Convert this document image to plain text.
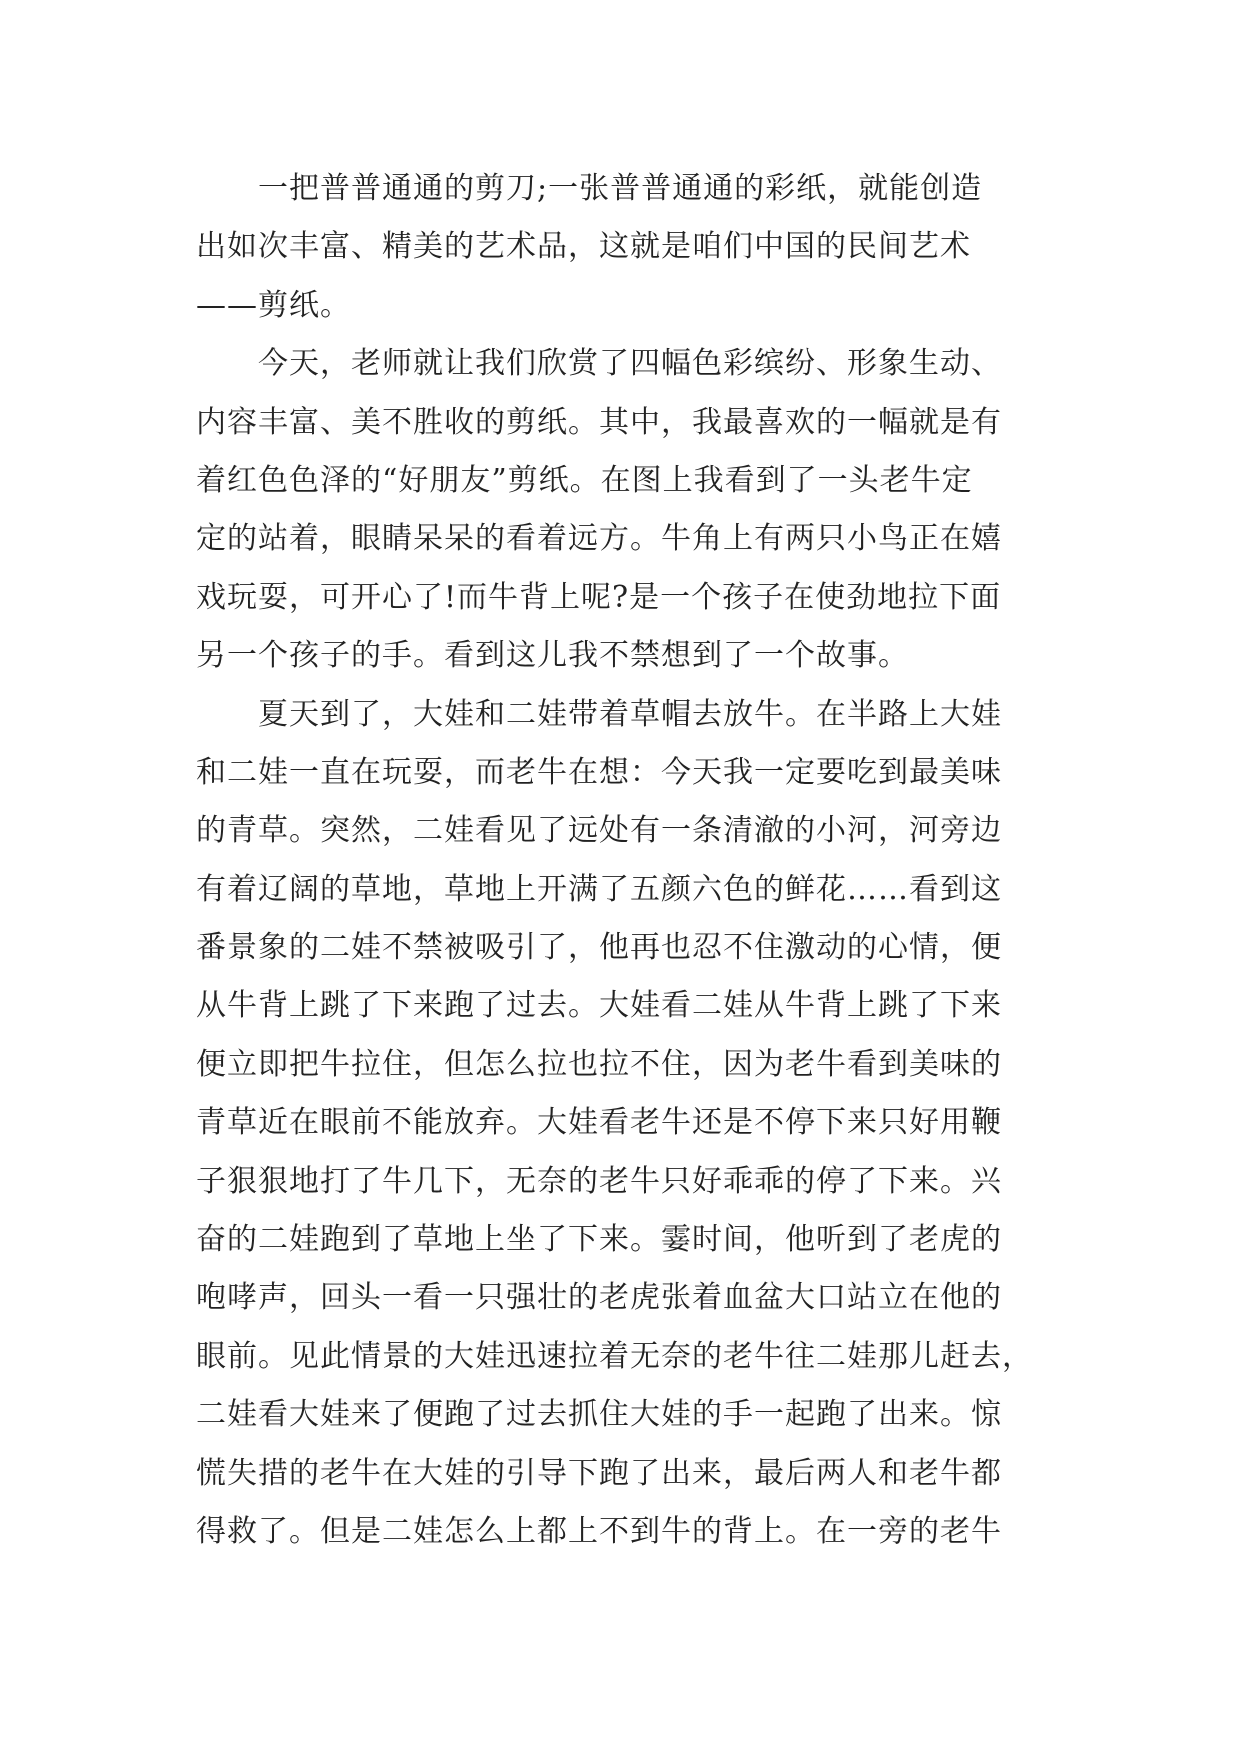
一把普普通通的剪刀;一张普普通通的彩纸，就能创造
出如次丰富、精美的艺术品，这就是咱们中国的民间艺术
——剪纸。
今天，老师就让我们欣赏了四幅色彩缤纷、形象生动、
内容丰富、美不胜收的剪纸。其中，我最喜欢的一幅就是有
着红色色泽的“好朋友”剪纸。在图上我看到了一头老牛定
定的站着，眼睛呆呆的看着远方。牛角上有两只小鸟正在嬉
戏玩耍，可开心了!而牛背上呢?是一个孩子在使劲地拉下面
另一个孩子的手。看到这儿我不禁想到了一个故事。
夏天到了，大娃和二娃带着草帽去放牛。在半路上大娃
和二娃一直在玩耍，而老牛在想：今天我一定要吃到最美味
的青草。突然，二娃看见了远处有一条清澈的小河，河旁边
有着辽阔的草地，草地上开满了五颜六色的鲜花……看到这
番景象的二娃不禁被吸引了，他再也忍不住激动的心情，便
从牛背上跳了下来跑了过去。大娃看二娃从牛背上跳了下来
便立即把牛拉住，但怎么拉也拉不住，因为老牛看到美味的
青草近在眼前不能放弃。大娃看老牛还是不停下来只好用鞭
子狠狠地打了牛几下，无奈的老牛只好乖乖的停了下来。兴
奋的二娃跑到了草地上坐了下来。霎时间，他听到了老虎的
咆哮声，回头一看一只强壮的老虎张着血盆大口站立在他的
眼前。见此情景的大娃迅速拉着无奈的老牛往二娃那儿赶去，
二娃看大娃来了便跑了过去抓住大娃的手一起跑了出来。惊
慌失措的老牛在大娃的引导下跑了出来，最后两人和老牛都
得救了。但是二娃怎么上都上不到牛的背上。在一旁的老牛
